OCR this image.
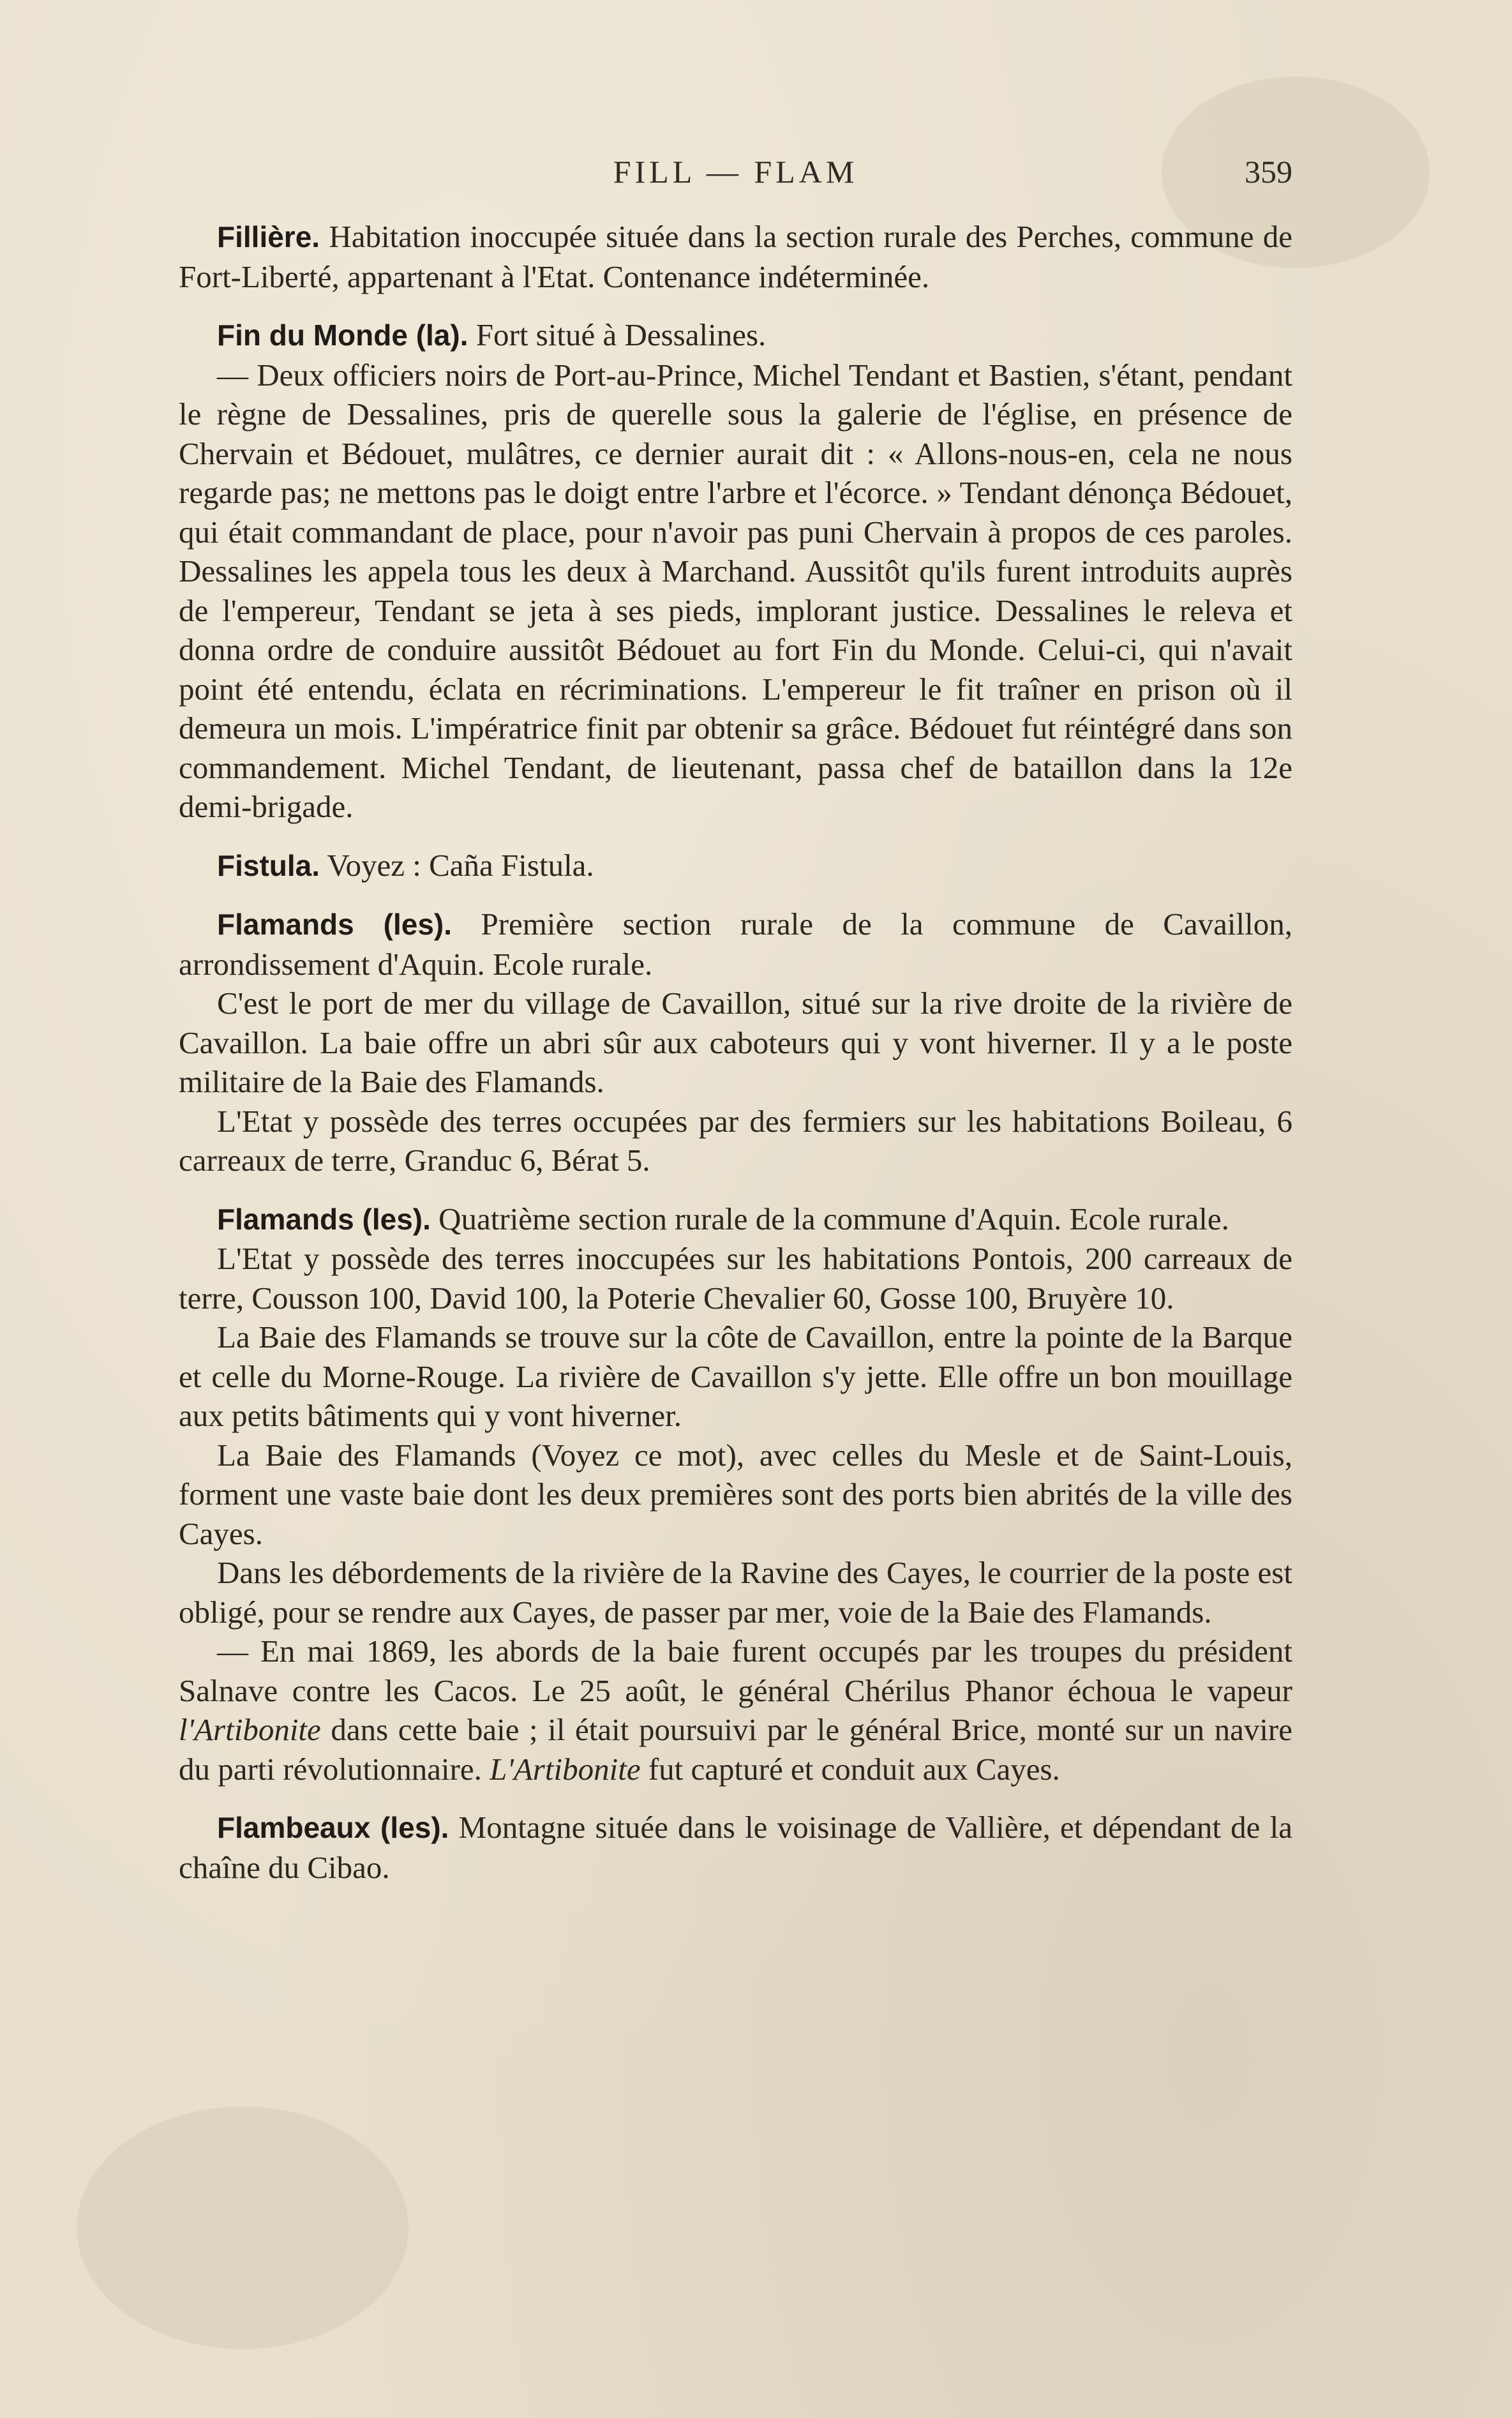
FILL — FLAM	359

Fillière. Habitation inoccupée située dans la section rurale des Perches, commune de Fort-Liberté, appartenant à l'Etat. Contenance indéterminée.

Fin du Monde (la). Fort situé à Dessalines.

— Deux officiers noirs de Port-au-Prince, Michel Tendant et Bastien, s'étant, pendant le règne de Dessalines, pris de querelle sous la galerie de l'église, en présence de Chervain et Bédouet, mulâtres, ce dernier aurait dit : « Allons-nous-en, cela ne nous regarde pas; ne mettons pas le doigt entre l'arbre et l'écorce. » Tendant dénonça Bédouet, qui était commandant de place, pour n'avoir pas puni Chervain à propos de ces paroles. Dessalines les appela tous les deux à Marchand. Aussitôt qu'ils furent introduits auprès de l'empereur, Tendant se jeta à ses pieds, implorant justice. Dessalines le releva et donna ordre de conduire aussitôt Bédouet au fort Fin du Monde. Celui-ci, qui n'avait point été entendu, éclata en récriminations. L'empereur le fit traîner en prison où il demeura un mois. L'impératrice finit par obtenir sa grâce. Bédouet fut réintégré dans son commandement. Michel Tendant, de lieutenant, passa chef de bataillon dans la 12e demi-brigade.

Fistula. Voyez : Caña Fistula.

Flamands (les). Première section rurale de la commune de Cavaillon, arrondissement d'Aquin. Ecole rurale.

C'est le port de mer du village de Cavaillon, situé sur la rive droite de la rivière de Cavaillon. La baie offre un abri sûr aux caboteurs qui y vont hiverner. Il y a le poste militaire de la Baie des Flamands.

L'Etat y possède des terres occupées par des fermiers sur les habitations Boileau, 6 carreaux de terre, Granduc 6, Bérat 5.

Flamands (les). Quatrième section rurale de la commune d'Aquin. Ecole rurale.

L'Etat y possède des terres inoccupées sur les habitations Pontois, 200 carreaux de terre, Cousson 100, David 100, la Poterie Chevalier 60, Gosse 100, Bruyère 10.

La Baie des Flamands se trouve sur la côte de Cavaillon, entre la pointe de la Barque et celle du Morne-Rouge. La rivière de Cavaillon s'y jette. Elle offre un bon mouillage aux petits bâtiments qui y vont hiverner.

La Baie des Flamands (Voyez ce mot), avec celles du Mesle et de Saint-Louis, forment une vaste baie dont les deux premières sont des ports bien abrités de la ville des Cayes.

Dans les débordements de la rivière de la Ravine des Cayes, le courrier de la poste est obligé, pour se rendre aux Cayes, de passer par mer, voie de la Baie des Flamands.

— En mai 1869, les abords de la baie furent occupés par les troupes du président Salnave contre les Cacos. Le 25 août, le général Chérilus Phanor échoua le vapeur l'Artibonite dans cette baie ; il était poursuivi par le général Brice, monté sur un navire du parti révolutionnaire. L'Artibonite fut capturé et conduit aux Cayes.

Flambeaux (les). Montagne située dans le voisinage de Vallière, et dépendant de la chaîne du Cibao.
